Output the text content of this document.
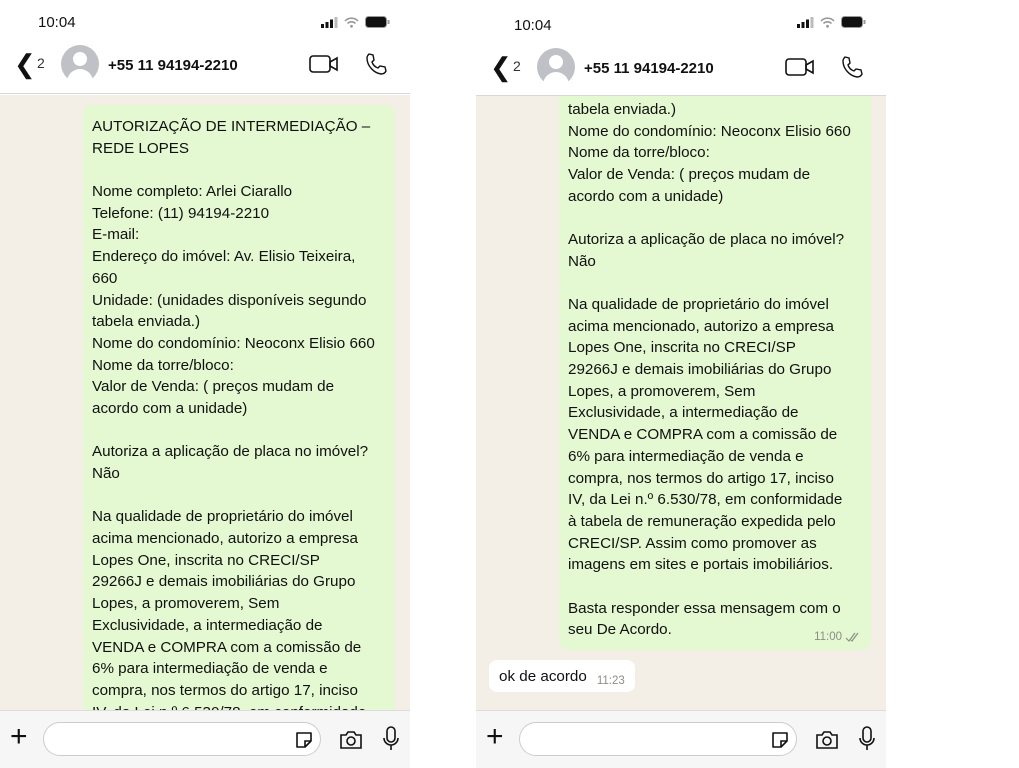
10:04
❮ 2	+55 11 94194-2210
AUTORIZAÇÃO DE INTERMEDIAÇÃO –
REDE LOPES
Nome completo: Arlei Ciarallo
Telefone: (11) 94194-2210
E-mail:
Endereço do imóvel: Av. Elisio Teixeira,
660
Unidade: (unidades disponíveis segundo
tabela enviada.)
Nome do condomínio: Neoconx Elisio 660
Nome da torre/bloco:
Valor de Venda: ( preços mudam de
acordo com a unidade)
Autoriza a aplicação de placa no imóvel?
Não
Na qualidade de proprietário do imóvel
acima mencionado, autorizo a empresa
Lopes One, inscrita no CRECI/SP
29266J e demais imobiliárias do Grupo
Lopes, a promoverem, Sem
Exclusividade, a intermediação de
VENDA e COMPRA com a comissão de
6% para intermediação de venda e
compra, nos termos do artigo 17, inciso
+
10:04
❮ 2	+55 11 94194-2210
tabela enviada.)
Nome do condomínio: Neoconx Elisio 660
Nome da torre/bloco:
Valor de Venda: ( preços mudam de
acordo com a unidade)
Autoriza a aplicação de placa no imóvel?
Não
Na qualidade de proprietário do imóvel
acima mencionado, autorizo a empresa
Lopes One, inscrita no CRECI/SP
29266J e demais imobiliárias do Grupo
Lopes, a promoverem, Sem
Exclusividade, a intermediação de
VENDA e COMPRA com a comissão de
6% para intermediação de venda e
compra, nos termos do artigo 17, inciso
IV, da Lei n.º 6.530/78, em conformidade
à tabela de remuneração expedida pelo
CRECI/SP. Assim como promover as
imagens em sites e portais imobiliários.
Basta responder essa mensagem com o
seu De Acordo.	11:00
ok de acordo 11:23
+
